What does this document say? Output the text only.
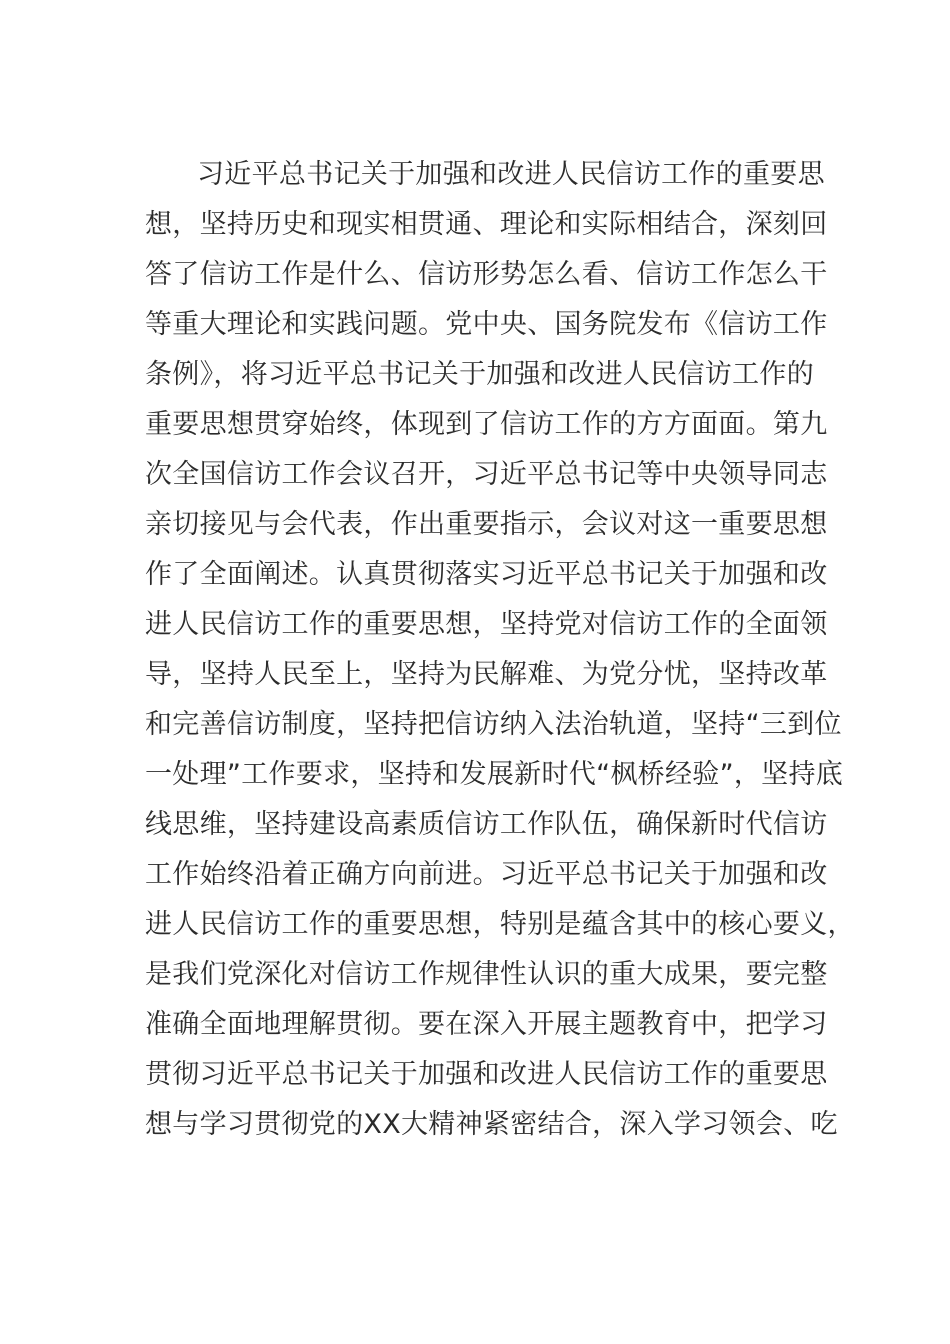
习近平总书记关于加强和改进人民信访工作的重要思
想，坚持历史和现实相贯通、理论和实际相结合，深刻回
答了信访工作是什么、信访形势怎么看、信访工作怎么干
等重大理论和实践问题。党中央、国务院发布《信访工作
条例》，将习近平总书记关于加强和改进人民信访工作的
重要思想贯穿始终，体现到了信访工作的方方面面。第九
次全国信访工作会议召开，习近平总书记等中央领导同志
亲切接见与会代表，作出重要指示，会议对这一重要思想
作了全面阐述。认真贯彻落实习近平总书记关于加强和改
进人民信访工作的重要思想，坚持党对信访工作的全面领
导，坚持人民至上，坚持为民解难、为党分忧，坚持改革
和完善信访制度，坚持把信访纳入法治轨道，坚持“三到位
一处理”工作要求，坚持和发展新时代“枫桥经验”，坚持底
线思维，坚持建设高素质信访工作队伍，确保新时代信访
工作始终沿着正确方向前进。习近平总书记关于加强和改
进人民信访工作的重要思想，特别是蕴含其中的核心要义，
是我们党深化对信访工作规律性认识的重大成果，要完整
准确全面地理解贯彻。要在深入开展主题教育中，把学习
贯彻习近平总书记关于加强和改进人民信访工作的重要思
想与学习贯彻党的XX大精神紧密结合，深入学习领会、吃
